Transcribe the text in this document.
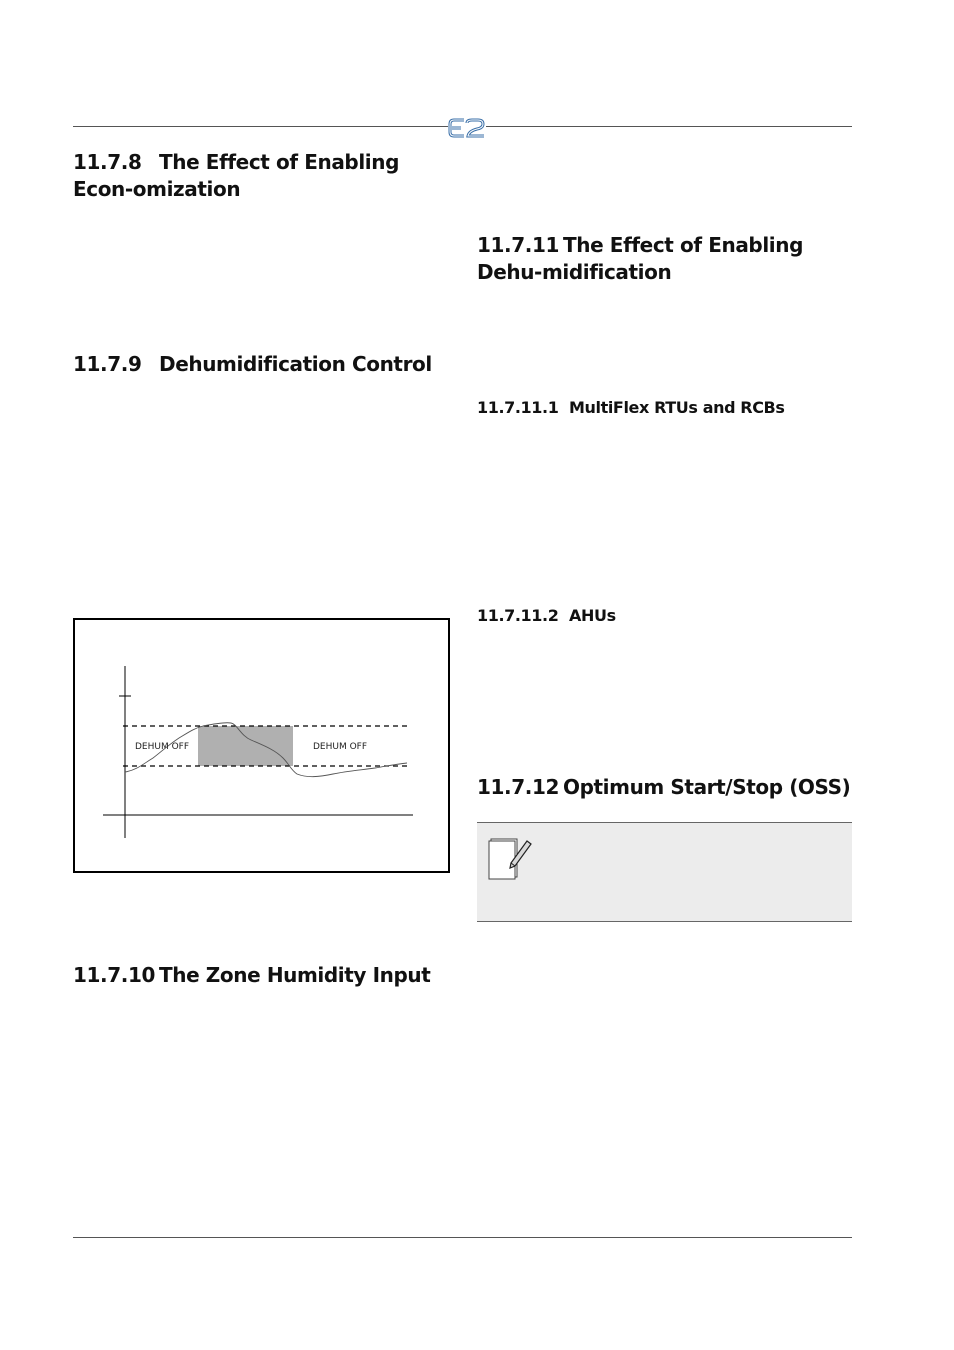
11.7.8 The Effect of Enabling Econ-omization
11.7.9 Dehumidification Control
DEHUM OFF	DEHUM OFF
11.7.10 The Zone Humidity Input
11.7.11 The Effect of Enabling Dehu-midification
11.7.11.1 MultiFlex RTUs and RCBs
11.7.11.2 AHUs
11.7.12 Optimum Start/Stop (OSS)
